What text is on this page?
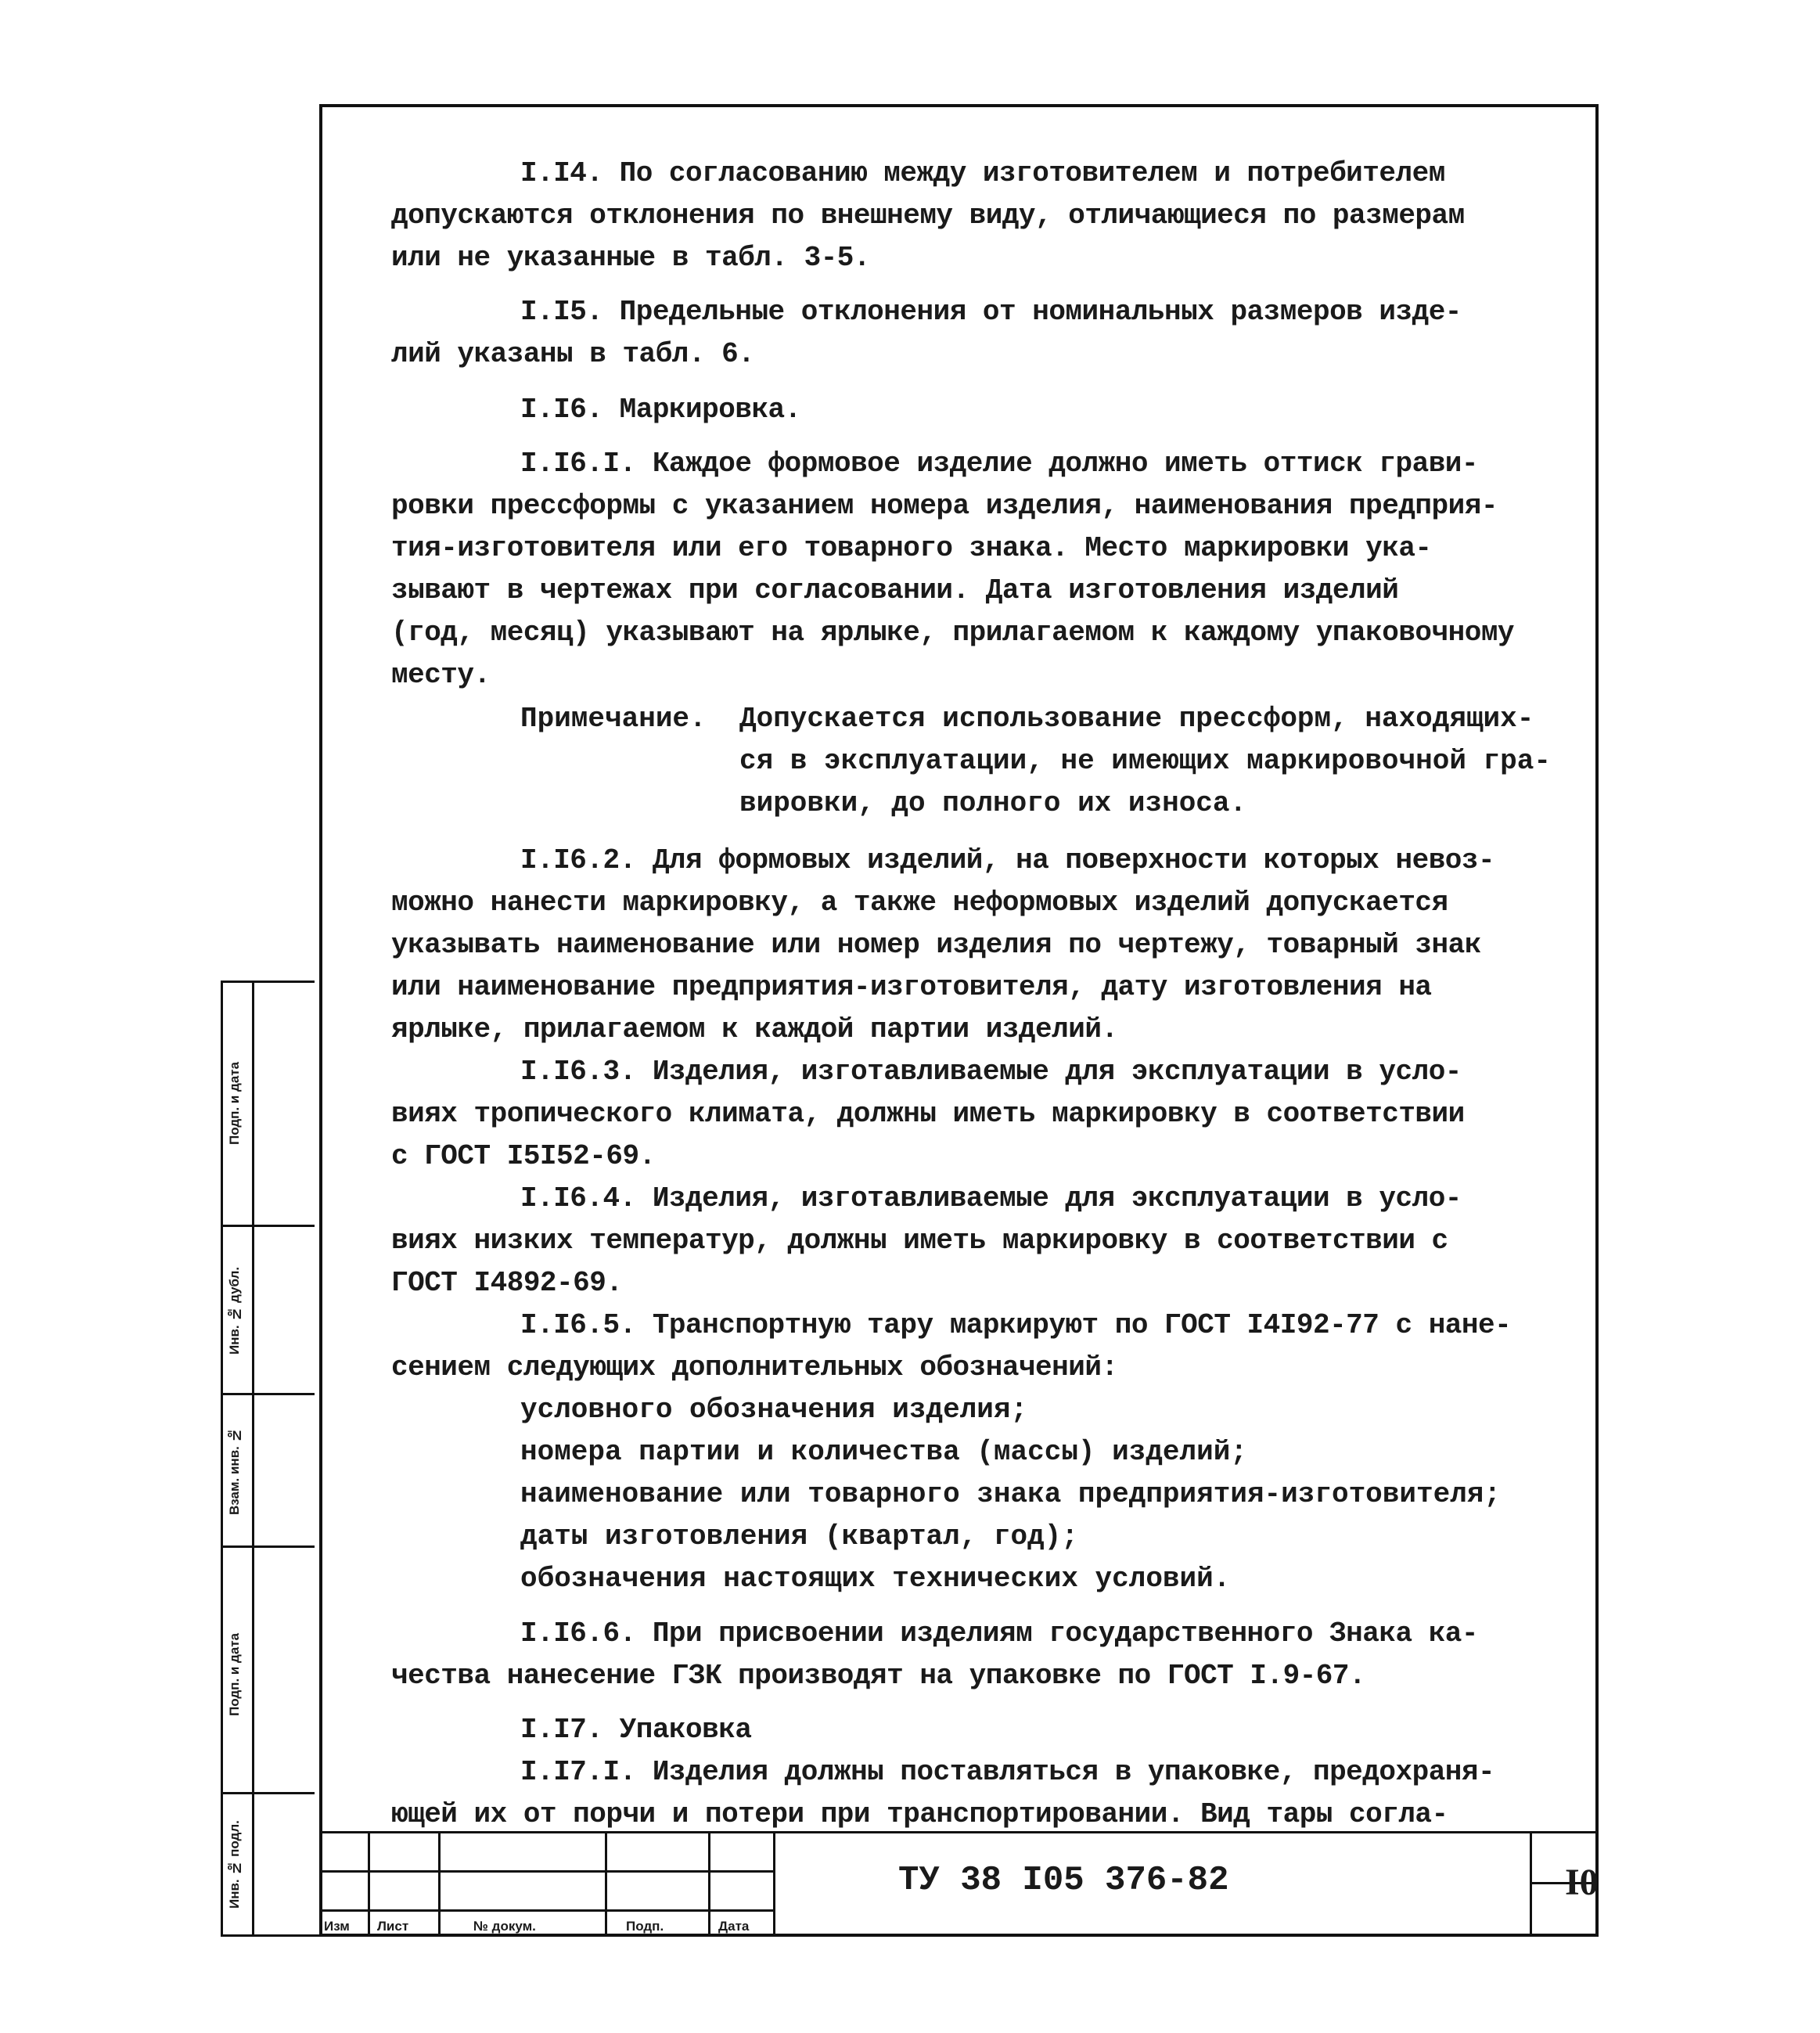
I.I4. По согласованию между изготовителем и потребителем
допускаются отклонения по внешнему виду, отличающиеся по размерам
или не указанные в табл. 3-5.
I.I5. Предельные отклонения от номинальных размеров изде-
лий указаны в табл. 6.
I.I6. Маркировка.
I.I6.I. Каждое формовое изделие должно иметь оттиск грави-
ровки прессформы с указанием номера изделия, наименования предприя-
тия-изготовителя или его товарного знака. Место маркировки ука-
зывают в чертежах при согласовании. Дата изготовления изделий
(год, месяц) указывают на ярлыке, прилагаемом к каждому упаковочному
месту.
Примечание. Допускается использование прессформ, находящих-
ся в эксплуатации, не имеющих маркировочной гра-
вировки, до полного их износа.
I.I6.2. Для формовых изделий, на поверхности которых невоз-
можно нанести маркировку, а также неформовых изделий допускается
указывать наименование или номер изделия по чертежу, товарный знак
или наименование предприятия-изготовителя, дату изготовления на
ярлыке, прилагаемом к каждой партии изделий.
I.I6.3. Изделия, изготавливаемые для эксплуатации в усло-
виях тропического климата, должны иметь маркировку в соответствии
с ГОСТ I5I52-69.
I.I6.4. Изделия, изготавливаемые для эксплуатации в усло-
виях низких температур, должны иметь маркировку в соответствии с
ГОСТ I4892-69.
I.I6.5. Транспортную тару маркируют по ГОСТ I4I92-77 с нане-
сением следующих дополнительных обозначений:
условного обозначения изделия;
номера партии и количества (массы) изделий;
наименование или товарного знака предприятия-изготовителя;
даты изготовления (квартал, год);
обозначения настоящих технических условий.
I.I6.6. При присвоении изделиям государственного Знака ка-
чества нанесение ГЗК производят на упаковке по ГОСТ I.9-67.
I.I7. Упаковка
I.I7.I. Изделия должны поставляться в упаковке, предохраня-
ющей их от порчи и потери при транспортировании. Вид тары согла-
Изм Лист	№ докум.	Подп.	Дата
ТУ 38 I05 376-82	I0
Подп. и дата
Инв. № дубл.
Взам. инв. №
Подп. и дата
Инв. № подл.
